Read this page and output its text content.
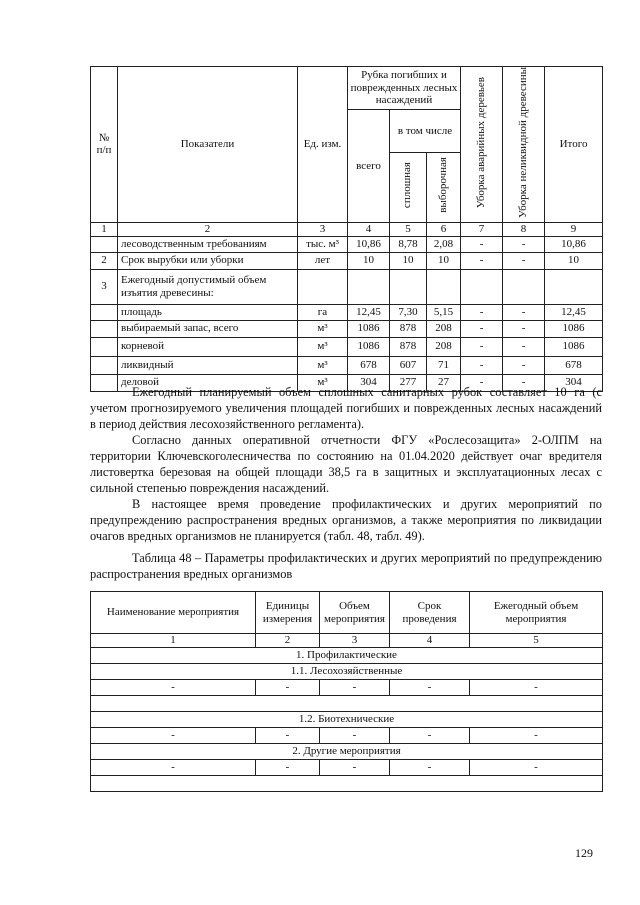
№ п/п	Показатели	Ед. изм.	Рубка погибших и поврежденных лесных насаждений			Уборка аварийных деревьев	Уборка неликвидной древесины	Итого
			всего	в том числе				
				сплошная	выборочная			
1	2	3	4	5	6	7	8	9
	лесоводственным требованиям	тыс. м³	10,86	8,78	2,08	-	-	10,86
2	Срок вырубки или уборки	лет	10	10	10	-	-	10
3	Ежегодный допустимый объем изъятия древесины:							
	площадь	га	12,45	7,30	5,15	-	-	12,45
	выбираемый запас, всего	м³	1086	878	208	-	-	1086
	корневой	м³	1086	878	208	-	-	1086
	ликвидный	м³	678	607	71	-	-	678
	деловой	м³	304	277	27	-	-	304

Ежегодный планируемый объем сплошных санитарных рубок составляет 10 га (с учетом прогнозируемого увеличения площадей погибших и поврежденных лесных насаждений в период действия лесохозяйственного регламента).

Согласно данных оперативной отчетности ФГУ «Рослесозащита» 2-ОЛПМ на территории Ключевскоголесничества по состоянию на 01.04.2020 действует очаг вредителя листовертка березовая на общей площади 38,5 га в защитных и эксплуатационных лесах с сильной степенью повреждения насаждений.

В настоящее время проведение профилактических и других мероприятий по предупреждению распространения вредных организмов, а также мероприятия по ликвидации очагов вредных организмов не планируется (табл. 48, табл. 49).

Таблица 48 – Параметры профилактических и других мероприятий по предупреждению распространения вредных организмов

Наименование мероприятия	Единицы измерения	Объем мероприятия	Срок проведения	Ежегодный объем мероприятия
1	2	3	4	5
1. Профилактические				
1.1. Лесохозяйственные				
-	-	-	-	-

1.2. Биотехнические				
-	-	-	-	-
2. Другие мероприятия				
-	-	-	-	-

129
